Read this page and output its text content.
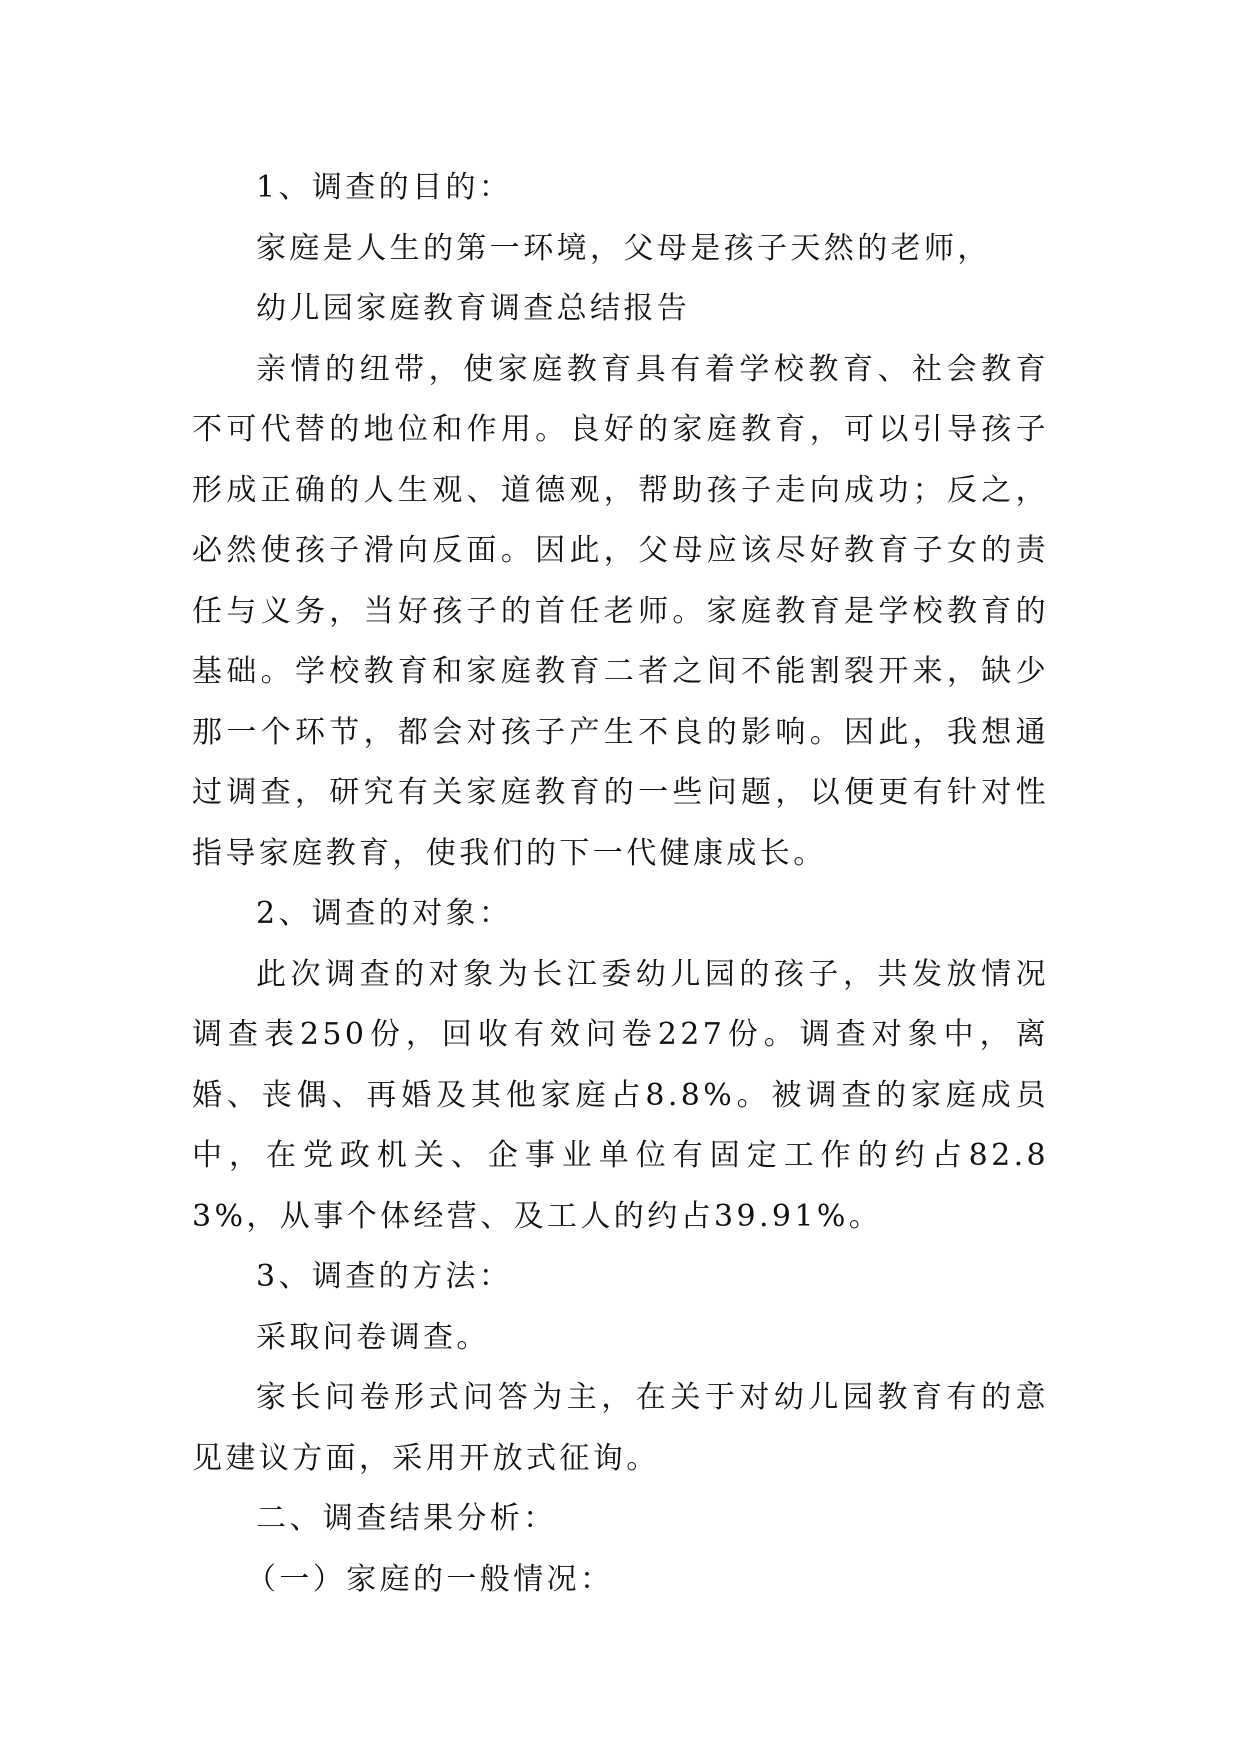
1、调查的目的：

家庭是人生的第一环境，父母是孩子天然的老师，

幼儿园家庭教育调查总结报告

亲情的纽带，使家庭教育具有着学校教育、社会教育不可代替的地位和作用。良好的家庭教育，可以引导孩子形成正确的人生观、道德观，帮助孩子走向成功；反之，必然使孩子滑向反面。因此，父母应该尽好教育子女的责任与义务，当好孩子的首任老师。家庭教育是学校教育的基础。学校教育和家庭教育二者之间不能割裂开来，缺少那一个环节，都会对孩子产生不良的影响。因此，我想通过调查，研究有关家庭教育的一些问题，以便更有针对性指导家庭教育，使我们的下一代健康成长。

2、调查的对象：

此次调查的对象为长江委幼儿园的孩子，共发放情况调查表250份，回收有效问卷227份。调查对象中，离婚、丧偶、再婚及其他家庭占8.8%。被调查的家庭成员中，在党政机关、企事业单位有固定工作的约占82.83%，从事个体经营、及工人的约占39.91%。

3、调查的方法：

采取问卷调查。

家长问卷形式问答为主，在关于对幼儿园教育有的意见建议方面，采用开放式征询。

二、调查结果分析：

（一）家庭的一般情况：
